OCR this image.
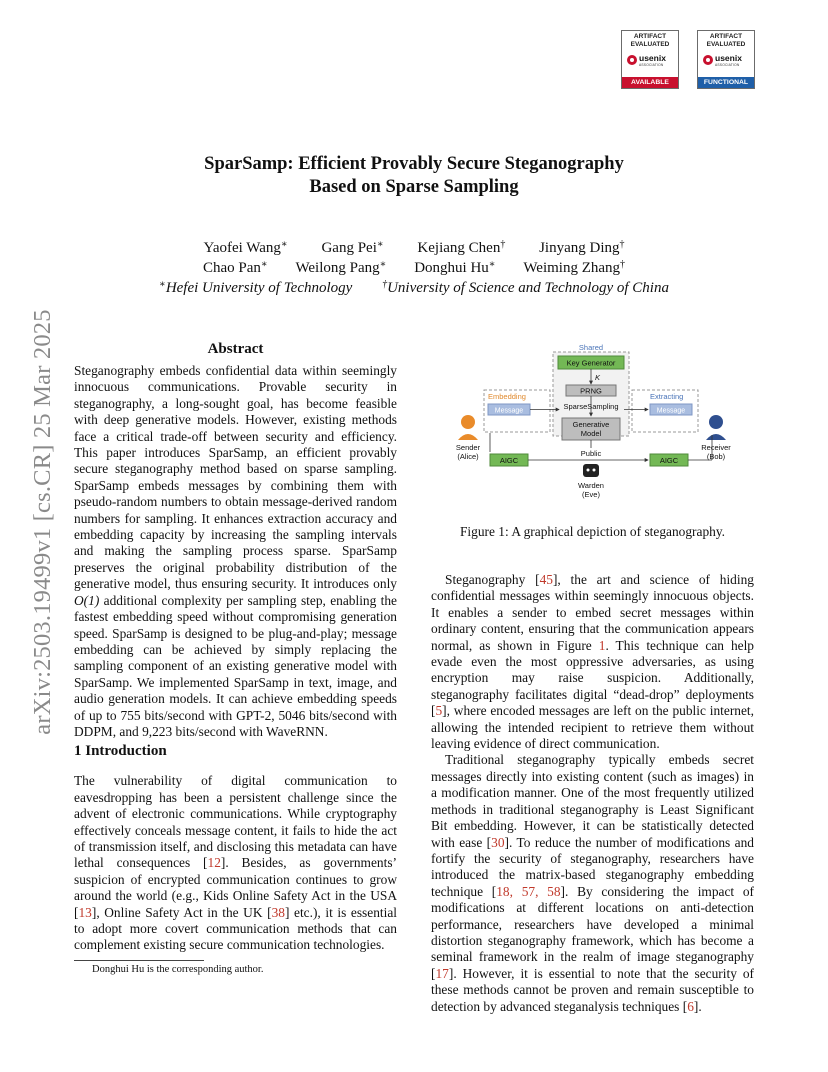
arXiv:2503.19499v1 [cs.CR] 25 Mar 2025
ARTIFACT
EVALUATED
usenix
ASSOCIATION
AVAILABLE
ARTIFACT
EVALUATED
usenix
ASSOCIATION
FUNCTIONAL
SparSamp: Efficient Provably Secure Steganography
Based on Sparse Sampling
Yaofei Wang∗ Gang Pei∗ Kejiang Chen† Jinyang Ding†
Chao Pan∗ Weilong Pang∗ Donghui Hu∗ Weiming Zhang†
∗Hefei University of Technology	†University of Science and Technology of China
Abstract

Steganography embeds confidential data within seemingly innocuous communications. Provable security in steganography, a long-sought goal, has become feasible with deep generative models. However, existing methods face a critical trade-off between security and efficiency. This paper introduces SparSamp, an efficient provably secure steganography method based on sparse sampling. SparSamp embeds messages by combining them with pseudo-random numbers to obtain message-derived random numbers for sampling. It enhances extraction accuracy and embedding capacity by increasing the sampling intervals and making the sampling process sparse. SparSamp preserves the original probability distribution of the generative model, thus ensuring security. It introduces only O(1) additional complexity per sampling step, enabling the fastest embedding speed without compromising generation speed. SparSamp is designed to be plug-and-play; message embedding can be achieved by simply replacing the sampling component of an existing generative model with SparSamp. We implemented SparSamp in text, image, and audio generation models. It can achieve embedding speeds of up to 755 bits/second with GPT-2, 5046 bits/second with DDPM, and 9,223 bits/second with WaveRNN.

1 Introduction

The vulnerability of digital communication to eavesdropping has been a persistent challenge since the advent of electronic communications. While cryptography effectively conceals message content, it fails to hide the act of transmission itself, and disclosing this metadata can have lethal consequences [12]. Besides, as governments’ suspicion of encrypted communication continues to grow around the world (e.g., Kids Online Safety Act in the USA [13], Online Safety Act in the UK [38] etc.), it is essential to adopt more covert communication methods that can complement existing secure communication technologies.

Donghui Hu is the corresponding author.
Shared
Key Generator
K
PRNG
SparseSampling
Generative
Model
Embedding
Message
Extracting
Message
Sender
(Alice)
Receiver
(Bob)
Public
AIGC	AIGC
Warden
(Eve)
Figure 1: A graphical depiction of steganography.

Steganography [45], the art and science of hiding confidential messages within seemingly innocuous objects. It enables a sender to embed secret messages within ordinary content, ensuring that the communication appears normal, as shown in Figure 1. This technique can help evade even the most oppressive adversaries, as using encryption may raise suspicion. Additionally, steganography facilitates digital “dead-drop” deployments [5], where encoded messages are left on the public internet, allowing the intended recipient to retrieve them without leaving evidence of direct communication.

Traditional steganography typically embeds secret messages directly into existing content (such as images) in a modification manner. One of the most frequently utilized methods in traditional steganography is Least Significant Bit embedding. However, it can be statistically detected with ease [30]. To reduce the number of modifications and fortify the security of steganography, researchers have introduced the matrix-based steganography embedding technique [18, 57, 58]. By considering the impact of modifications at different locations on anti-detection performance, researchers have developed a minimal distortion steganography framework, which has become a seminal framework in the realm of image steganography [17]. However, it is essential to note that the security of these methods cannot be proven and remain susceptible to detection by advanced steganalysis techniques [6].
